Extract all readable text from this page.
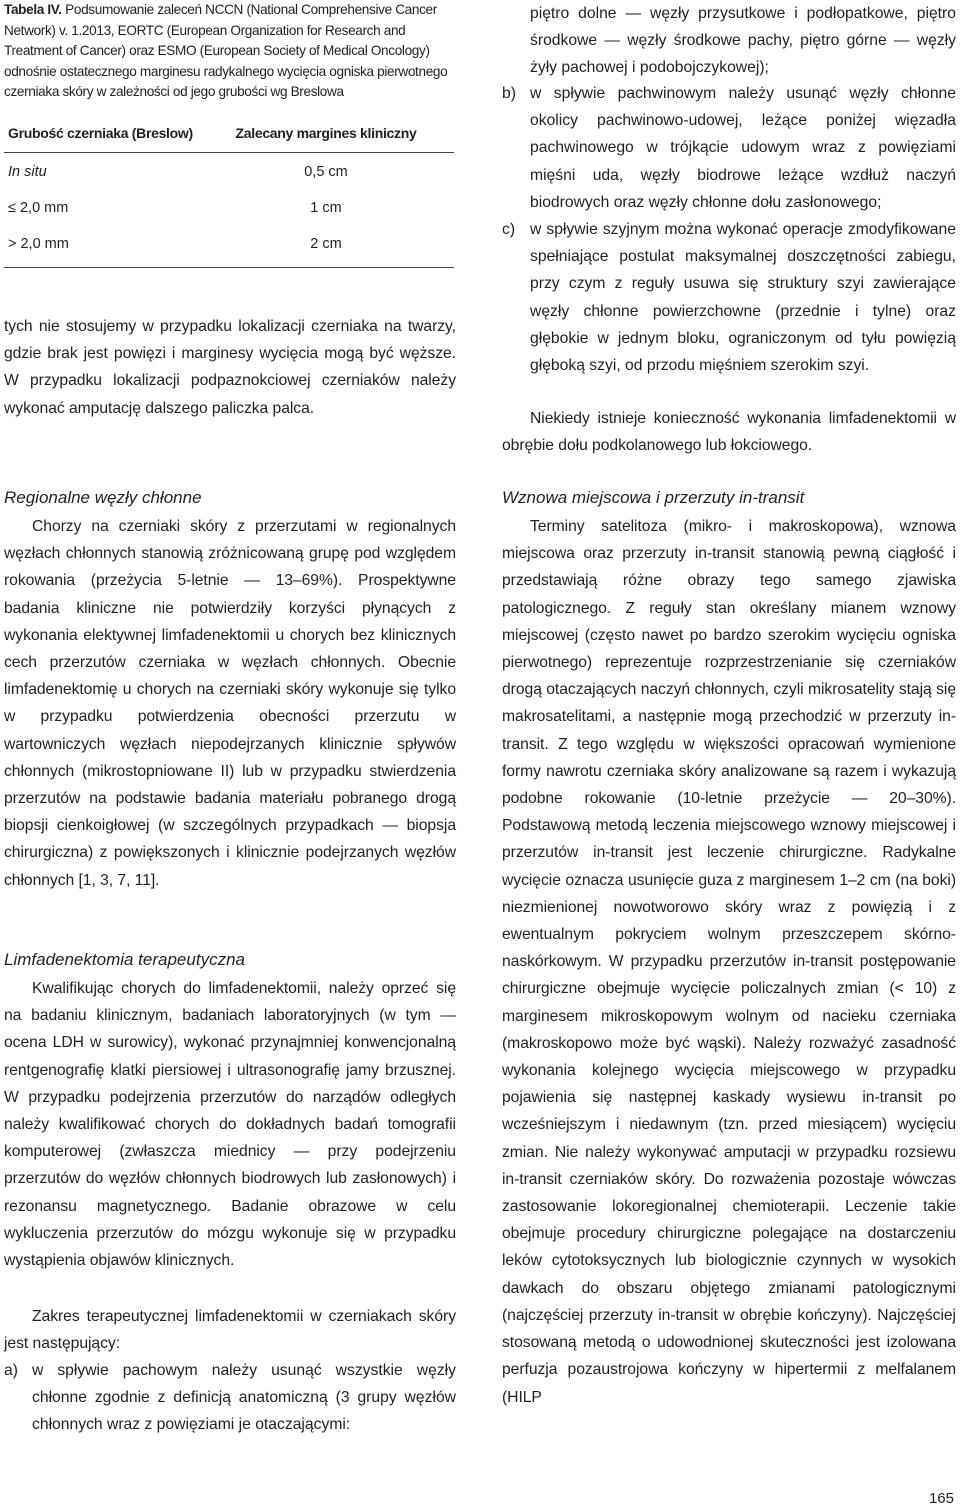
Tabela IV. Podsumowanie zaleceń NCCN (National Comprehensive Cancer Network) v. 1.2013, EORTC (European Organization for Research and Treatment of Cancer) oraz ESMO (European Society of Medical Oncology) odnośnie ostatecznego marginesu radykalnego wycięcia ogniska pierwotnego czerniaka skóry w zależności od jego grubości wg Breslowa
Grubość czerniaka (Breslow)	Zalecany margines kliniczny
In situ	0,5 cm
≤ 2,0 mm	1 cm
> 2,0 mm	2 cm

tych nie stosujemy w przypadku lokalizacji czerniaka na twarzy, gdzie brak jest powięzi i marginesy wycięcia mogą być węższe. W przypadku lokalizacji podpaznokciowej czerniaków należy wykonać amputację dalszego paliczka palca.

Regionalne węzły chłonne

Chorzy na czerniaki skóry z przerzutami w regionalnych węzłach chłonnych stanowią zróżnicowaną grupę pod względem rokowania (przeżycia 5-letnie — 13–69%). Prospektywne badania kliniczne nie potwierdziły korzyści płynących z wykonania elektywnej limfadenektomii u chorych bez klinicznych cech przerzutów czerniaka w węzłach chłonnych. Obecnie limfadenektomię u chorych na czerniaki skóry wykonuje się tylko w przypadku potwierdzenia obecności przerzutu w wartowniczych węzłach niepodejrzanych klinicznie spływów chłonnych (mikrostopniowane II) lub w przypadku stwierdzenia przerzutów na podstawie badania materiału pobranego drogą biopsji cienkoigłowej (w szczególnych przypadkach — biopsja chirurgiczna) z powiększonych i klinicznie podejrzanych węzłów chłonnych [1, 3, 7, 11].

Limfadenektomia terapeutyczna

Kwalifikując chorych do limfadenektomii, należy oprzeć się na badaniu klinicznym, badaniach laboratoryjnych (w tym — ocena LDH w surowicy), wykonać przynajmniej konwencjonalną rentgenografię klatki piersiowej i ultrasonografię jamy brzusznej. W przypadku podejrzenia przerzutów do narządów odległych należy kwalifikować chorych do dokładnych badań tomografii komputerowej (zwłaszcza miednicy — przy podejrzeniu przerzutów do węzłów chłonnych biodrowych lub zasłonowych) i rezonansu magnetycznego. Badanie obrazowe w celu wykluczenia przerzutów do mózgu wykonuje się w przypadku wystąpienia objawów klinicznych.

Zakres terapeutycznej limfadenektomii w czerniakach skóry jest następujący:

a) w spływie pachowym należy usunąć wszystkie węzły chłonne zgodnie z definicją anatomiczną (3 grupy węzłów chłonnych wraz z powięziami je otaczającymi:
piętro dolne — węzły przysutkowe i podłopatkowe, piętro środkowe — węzły środkowe pachy, piętro górne — węzły żyły pachowej i podobojczykowej);
b) w spływie pachwinowym należy usunąć węzły chłonne okolicy pachwinowo-udowej, leżące poniżej więzadła pachwinowego w trójkącie udowym wraz z powięziami mięśni uda, węzły biodrowe leżące wzdłuż naczyń biodrowych oraz węzły chłonne dołu zasłonowego;
c) w spływie szyjnym można wykonać operacje zmodyfikowane spełniające postulat maksymalnej doszczętności zabiegu, przy czym z reguły usuwa się struktury szyi zawierające węzły chłonne powierzchowne (przednie i tylne) oraz głębokie w jednym bloku, ograniczonym od tyłu powięzią głęboką szyi, od przodu mięśniem szerokim szyi.

Niekiedy istnieje konieczność wykonania limfadenektomii w obrębie dołu podkolanowego lub łokciowego.

Wznowa miejscowa i przerzuty in-transit

Terminy satelitoza (mikro- i makroskopowa), wznowa miejscowa oraz przerzuty in-transit stanowią pewną ciągłość i przedstawiają różne obrazy tego samego zjawiska patologicznego. Z reguły stan określany mianem wznowy miejscowej (często nawet po bardzo szerokim wycięciu ogniska pierwotnego) reprezentuje rozprzestrzenianie się czerniaków drogą otaczających naczyń chłonnych, czyli mikrosatelity stają się makrosatelitami, a następnie mogą przechodzić w przerzuty in-transit. Z tego względu w większości opracowań wymienione formy nawrotu czerniaka skóry analizowane są razem i wykazują podobne rokowanie (10-letnie przeżycie — 20–30%). Podstawową metodą leczenia miejscowego wznowy miejscowej i przerzutów in-transit jest leczenie chirurgiczne. Radykalne wycięcie oznacza usunięcie guza z marginesem 1–2 cm (na boki) niezmienionej nowotworowo skóry wraz z powięzią i z ewentualnym pokryciem wolnym przeszczepem skórno-naskórkowym. W przypadku przerzutów in-transit postępowanie chirurgiczne obejmuje wycięcie policzalnych zmian (< 10) z marginesem mikroskopowym wolnym od nacieku czerniaka (makroskopowo może być wąski). Należy rozważyć zasadność wykonania kolejnego wycięcia miejscowego w przypadku pojawienia się następnej kaskady wysiewu in-transit po wcześniejszym i niedawnym (tzn. przed miesiącem) wycięciu zmian. Nie należy wykonywać amputacji w przypadku rozsiewu in-transit czerniaków skóry. Do rozważenia pozostaje wówczas zastosowanie lokoregionalnej chemioterapii. Leczenie takie obejmuje procedury chirurgiczne polegające na dostarczeniu leków cytotoksycznych lub biologicznie czynnych w wysokich dawkach do obszaru objętego zmianami patologicznymi (najczęściej przerzuty in-transit w obrębie kończyny). Najczęściej stosowaną metodą o udowodnionej skuteczności jest izolowana perfuzja pozaustrojowa kończyny w hipertermii z melfalanem (HILP

165
